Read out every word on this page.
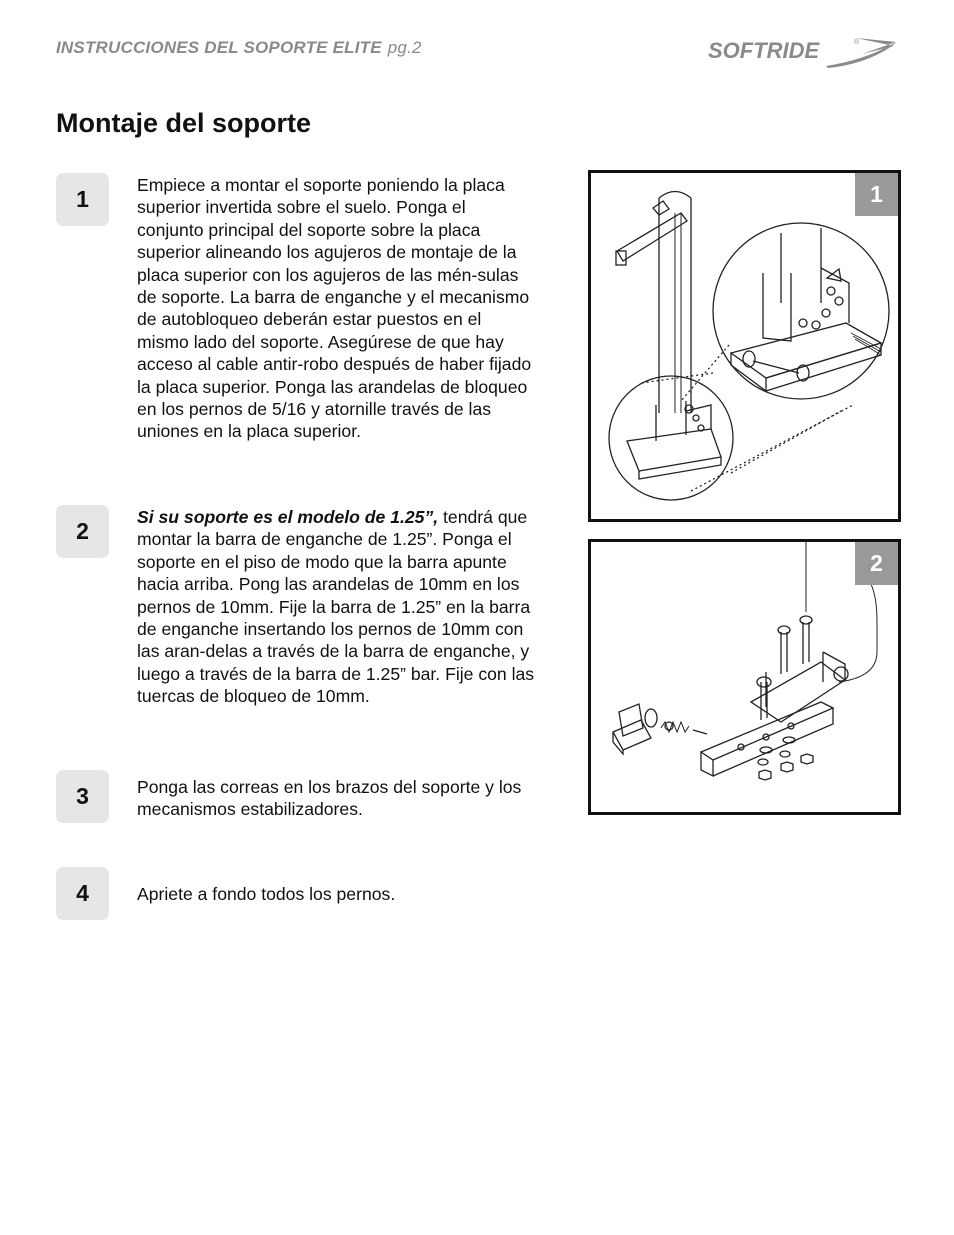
INSTRUCCIONES DEL SOPORTE ELITE pg.2	SOFTRIDE	®
Montaje del soporte
1

Empiece a montar el soporte poniendo la placa superior invertida sobre el suelo. Ponga el conjunto principal del soporte sobre la placa superior alineando los agujeros de montaje de la placa superior con los agujeros de las mén-sulas de soporte. La barra de enganche y el mecanismo de autobloqueo deberán estar puestos en el mismo lado del soporte. Asegúrese de que hay acceso al cable antir-robo después de haber fijado la placa superior. Ponga las arandelas de bloqueo en los pernos de 5/16 y atornille través de las uniones en la placa superior.

2

Si su soporte es el modelo de 1.25”, tendrá que montar la barra de enganche de 1.25”. Ponga el soporte en el piso de modo que la barra apunte hacia arriba. Pong las arandelas de 10mm en los pernos de 10mm. Fije la barra de 1.25” en la barra de enganche insertando los pernos de 10mm con las aran-delas a través de la barra de enganche, y luego a través de la barra de 1.25” bar. Fije con las tuercas de bloqueo de 10mm.

3	Ponga las correas en los brazos del soporte y los mecanismos estabilizadores.

4	Apriete a fondo todos los pernos.

1
2
